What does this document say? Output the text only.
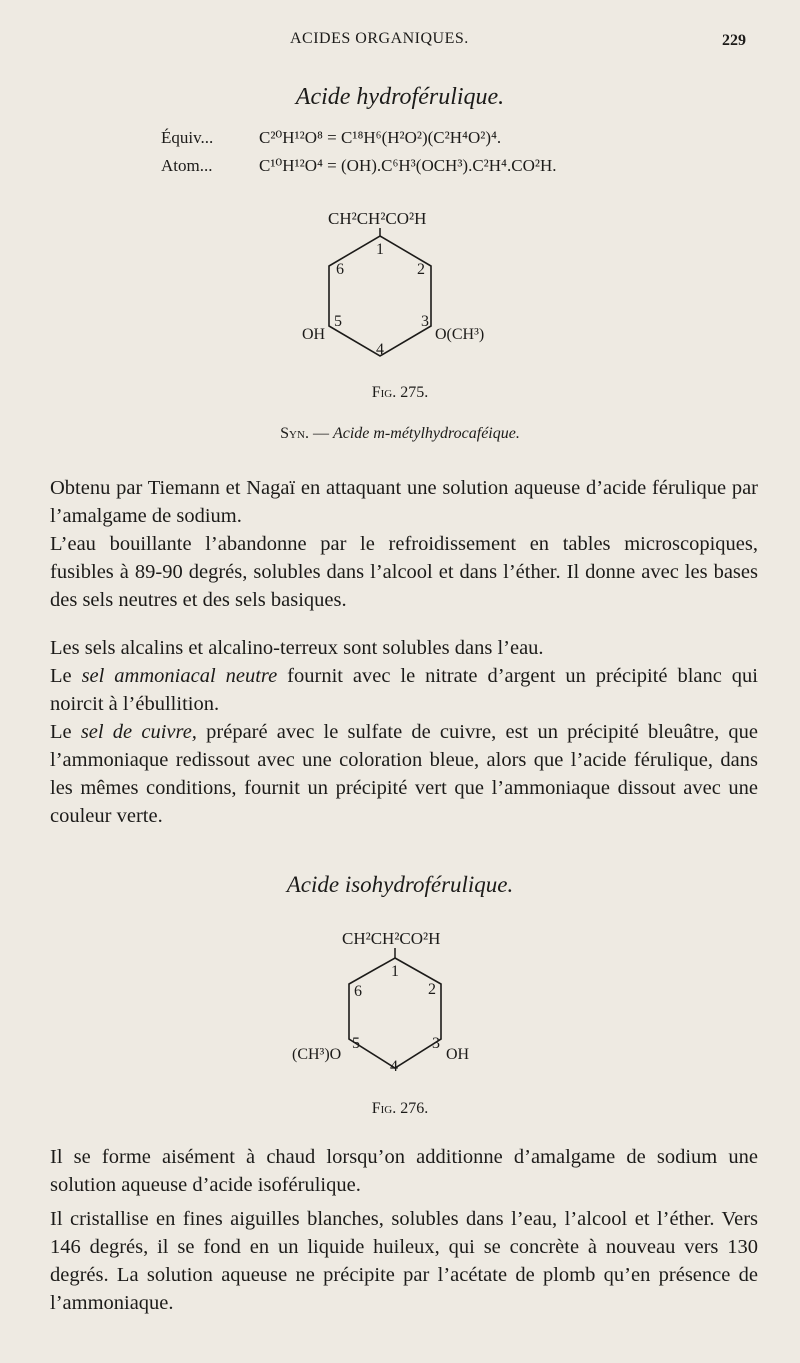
ACIDES ORGANIQUES.	229
Acide hydroférulique.
Équiv...	C²⁰H¹²O⁸ = C¹⁸H⁶(H²O²)(C²H⁴O²)⁴.
Atom...	C¹⁰H¹²O⁴ = (OH).C⁶H³(OCH³).C²H⁴.CO²H.
CH²CH²CO²H
1
2
3
4
5
6
OH	O(CH³)
Fig. 275.
Syn. — Acide m-métylhydrocaféique.

Obtenu par Tiemann et Nagaï en attaquant une solution aqueuse d’acide férulique par l’amalgame de sodium.

L’eau bouillante l’abandonne par le refroidissement en tables microscopiques, fusibles à 89-90 degrés, solubles dans l’alcool et dans l’éther. Il donne avec les bases des sels neutres et des sels basiques.

Les sels alcalins et alcalino-terreux sont solubles dans l’eau.

Le sel ammoniacal neutre fournit avec le nitrate d’argent un précipité blanc qui noircit à l’ébullition.

Le sel de cuivre, préparé avec le sulfate de cuivre, est un précipité bleuâtre, que l’ammoniaque redissout avec une coloration bleue, alors que l’acide férulique, dans les mêmes conditions, fournit un précipité vert que l’ammoniaque dissout avec une couleur verte.

Acide isohydroférulique.
CH²CH²CO²H
1
2
3
4
5
6
(CH³)O	OH
Fig. 276.

Il se forme aisément à chaud lorsqu’on additionne d’amalgame de sodium une solution aqueuse d’acide isoférulique.

Il cristallise en fines aiguilles blanches, solubles dans l’eau, l’alcool et l’éther. Vers 146 degrés, il se fond en un liquide huileux, qui se concrète à nouveau vers 130 degrés. La solution aqueuse ne précipite par l’acétate de plomb qu’en présence de l’ammoniaque.
